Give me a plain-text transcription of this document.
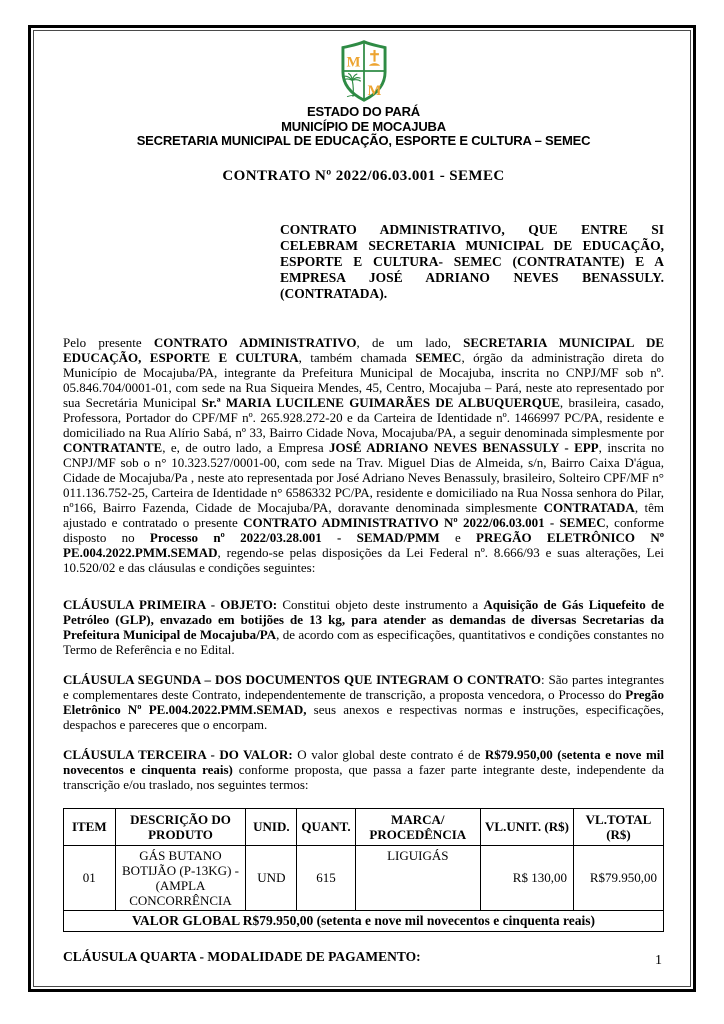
M
M
ESTADO DO PARÁ
MUNICÍPIO DE MOCAJUBA
SECRETARIA MUNICIPAL DE EDUCAÇÃO, ESPORTE E CULTURA – SEMEC
CONTRATO Nº 2022/06.03.001 - SEMEC
CONTRATO ADMINISTRATIVO, QUE ENTRE SI CELEBRAM SECRETARIA MUNICIPAL DE EDUCAÇÃO, ESPORTE E CULTURA- SEMEC (CONTRATANTE) E A EMPRESA JOSÉ ADRIANO NEVES BENASSULY. (CONTRATADA).

Pelo presente CONTRATO ADMINISTRATIVO, de um lado, SECRETARIA MUNICIPAL DE EDUCAÇÃO, ESPORTE E CULTURA, também chamada SEMEC, órgão da administração direta do Município de Mocajuba/PA, integrante da Prefeitura Municipal de Mocajuba, inscrita no CNPJ/MF sob nº. 05.846.704/0001-01, com sede na Rua Siqueira Mendes, 45, Centro, Mocajuba – Pará, neste ato representado por sua Secretária Municipal Sr.ª MARIA LUCILENE GUIMARÃES DE ALBUQUERQUE, brasileira, casado, Professora, Portador do CPF/MF nº. 265.928.272-20 e da Carteira de Identidade nº. 1466997 PC/PA, residente e domiciliado na Rua Alírio Sabá, nº 33, Bairro Cidade Nova, Mocajuba/PA, a seguir denominada simplesmente por CONTRATANTE, e, de outro lado, a Empresa JOSÉ ADRIANO NEVES BENASSULY - EPP, inscrita no CNPJ/MF sob o n° 10.323.527/0001-00, com sede na Trav. Miguel Dias de Almeida, s/n, Bairro Caixa D'água, Cidade de Mocajuba/Pa , neste ato representada por José Adriano Neves Benassuly, brasileiro, Solteiro CPF/MF n° 011.136.752-25, Carteira de Identidade n° 6586332 PC/PA, residente e domiciliado na Rua Nossa senhora do Pilar, nº166, Bairro Fazenda, Cidade de Mocajuba/PA, doravante denominada simplesmente CONTRATADA, têm ajustado e contratado o presente CONTRATO ADMINISTRATIVO Nº 2022/06.03.001 - SEMEC, conforme disposto no Processo nº 2022/03.28.001 - SEMAD/PMM e PREGÃO ELETRÔNICO Nº PE.004.2022.PMM.SEMAD, regendo-se pelas disposições da Lei Federal nº. 8.666/93 e suas alterações, Lei 10.520/02 e das cláusulas e condições seguintes:

CLÁUSULA PRIMEIRA - OBJETO: Constitui objeto deste instrumento a Aquisição de Gás Liquefeito de Petróleo (GLP), envazado em botijões de 13 kg, para atender as demandas de diversas Secretarias da Prefeitura Municipal de Mocajuba/PA, de acordo com as especificações, quantitativos e condições constantes no Termo de Referência e no Edital.

CLÁUSULA SEGUNDA – DOS DOCUMENTOS QUE INTEGRAM O CONTRATO: São partes integrantes e complementares deste Contrato, independentemente de transcrição, a proposta vencedora, o Processo do Pregão Eletrônico Nº PE.004.2022.PMM.SEMAD, seus anexos e respectivas normas e instruções, especificações, despachos e pareceres que o encorpam.

CLÁUSULA TERCEIRA - DO VALOR: O valor global deste contrato é de R$79.950,00 (setenta e nove mil novecentos e cinquenta reais) conforme proposta, que passa a fazer parte integrante deste, independente da transcrição e/ou traslado, nos seguintes termos:

ITEM	DESCRIÇÃO DO PRODUTO	UNID.	QUANT.	MARCA/ PROCEDÊNCIA	VL.UNIT. (R$)	VL.TOTAL (R$)
01	GÁS BUTANO BOTIJÃO (P-13KG) - (AMPLA CONCORRÊNCIA	UND	615	LIGUIGÁS	R$ 130,00	R$79.950,00
VALOR GLOBAL R$79.950,00 (setenta e nove mil novecentos e cinquenta reais)						

CLÁUSULA QUARTA - MODALIDADE DE PAGAMENTO:	1
